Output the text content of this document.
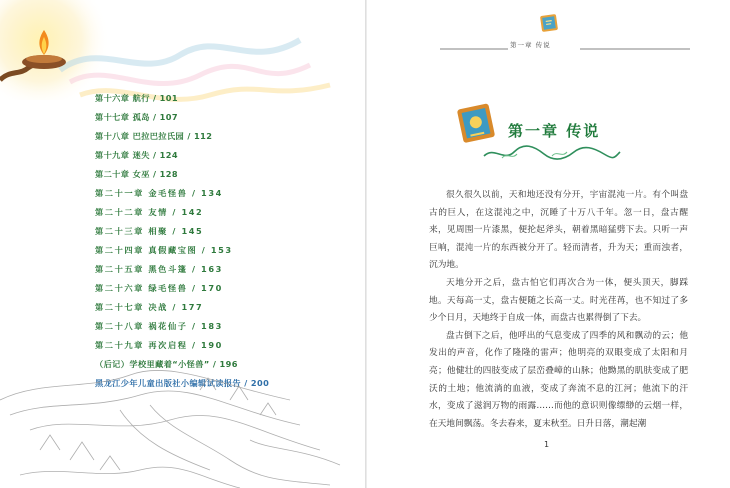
第十六章 航行 / 101
第十七章 孤岛 / 107
第十八章 巴拉巴拉氏园 / 112
第十九章 迷失 / 124
第二十章 女巫 / 128
第二十一章 金毛怪兽 / 134
第二十二章 友情 / 142
第二十三章 相聚 / 145
第二十四章 真假藏宝图 / 153
第二十五章 黑色斗篷 / 163
第二十六章 绿毛怪兽 / 170
第二十七章 决战 / 177
第二十八章 祸花仙子 / 183
第二十九章 再次启程 / 190
（后记）学校里藏着“小怪兽” / 196
黑龙江少年儿童出版社小编辑试读报告 / 200
第一章 传说
第一章 传说

很久很久以前，天和地还没有分开，宇宙混沌一片。有个叫盘古的巨人，在这混沌之中，沉睡了十万八千年。忽一日，盘古醒来，见周围一片漆黑，便抡起斧头，朝着黑暗猛劈下去。只听一声巨响，混沌一片的东西被分开了。轻而清者，升为天；重而浊者，沉为地。

天地分开之后，盘古怕它们再次合为一体，便头顶天，脚踩地。天每高一丈，盘古便随之长高一丈。时光荏苒，也不知过了多少个日月，天地终于自成一体，而盘古也累得倒了下去。

盘古倒下之后，他呼出的气息变成了四季的风和飘动的云；他发出的声音，化作了隆隆的雷声；他明亮的双眼变成了太阳和月亮；他健壮的四肢变成了层峦叠嶂的山脉；他黝黑的肌肤变成了肥沃的土地；他流淌的血液，变成了奔流不息的江河；他流下的汗水，变成了滋润万物的雨露……而他的意识则像缥缈的云烟一样，在天地间飘荡。冬去春来，夏末秋至。日升日落，潮起潮

1
